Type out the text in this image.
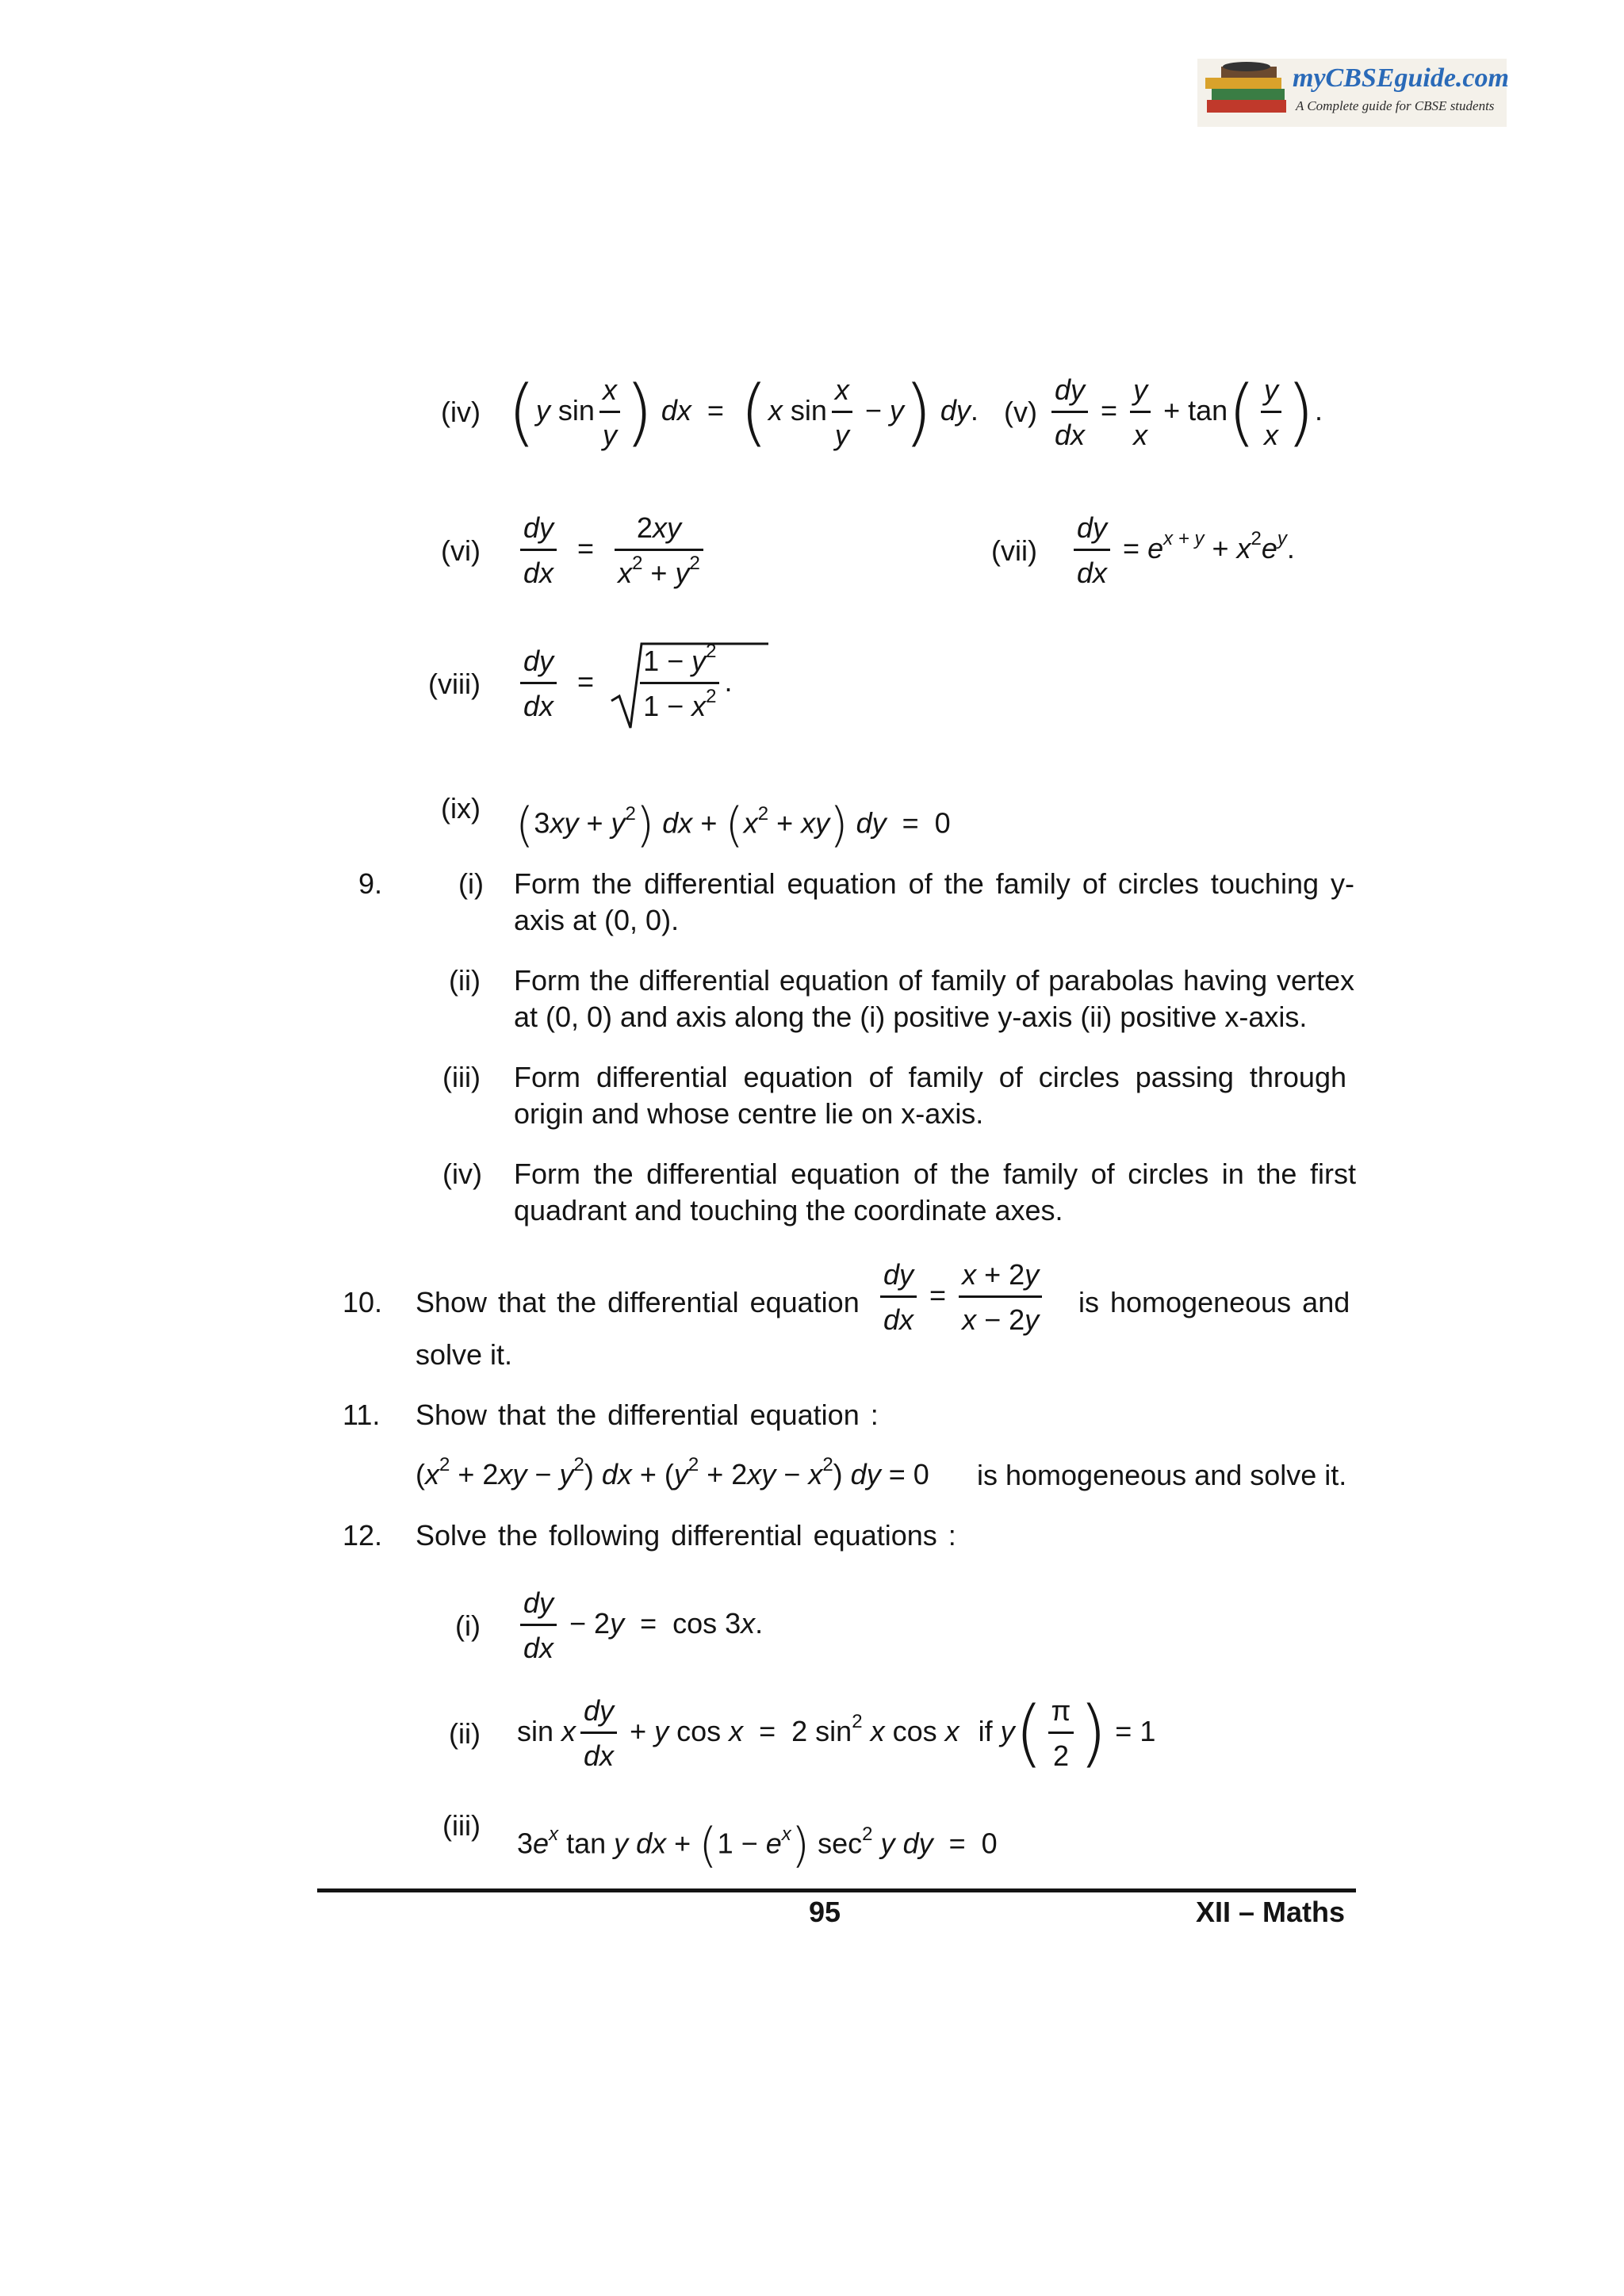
myCBSEguide.com
A Complete guide for CBSE students
(iv) (y $\sin \frac{x}{y}$ ) dx  =  (x $\sin \frac{x}{y} - y$) dy. $(v) \frac{dy}{dx} = \frac{y}{x} + \tan( \frac{y}{x}$ ).
$(vi) \frac{dy}{dx} = \frac{2xy}{x^2 + y^2}$	$(vii) \frac{dy}{dx} = e^{x + y} + x^2e^y$.
(viii) $\frac{dy}{dx} = \frac{1 - y^2}{1 - x^2}$ .
(ix) $(3xy + y^2)$ dx + $(x^2 + xy)$ dy  =  0
9.	(i) Form the differential equation of the family of circles touching y-axis at (0, 0).
(ii) Form the differential equation of family of parabolas having vertex at (0, 0) and axis along the (i) positive y-axis (ii) positive x-axis.
(iii) Form differential equation of family of circles passing through origin and whose centre lie on x-axis.
(iv) Form the differential equation of the family of circles in the first quadrant and touching the coordinate axes.
10. Show that the differential equation $\frac{dy}{dx} = \frac{x + 2y}{x - 2y}$ is homogeneous and
solve it.
11. Show that the differential equation :
$(x^2 + 2xy - y^2)$ dx + $(y^2 + 2xy - x^2)$ dy = 0 is homogeneous and solve it.
12. Solve the following differential equations :
$(i) \frac{dy}{dx} - 2y = \cos 3x$.
(ii) sin x $\frac{dy}{dx} + y$ cos x  =  2 $\sin^2 x$ cos x if $y( \frac{\pi}{2}$ ) = 1
(iii)
$3e^x$ tan y dx + $(1 - e^x)$ $\sec^2 y$ dy  =  0
95	XII – Maths
